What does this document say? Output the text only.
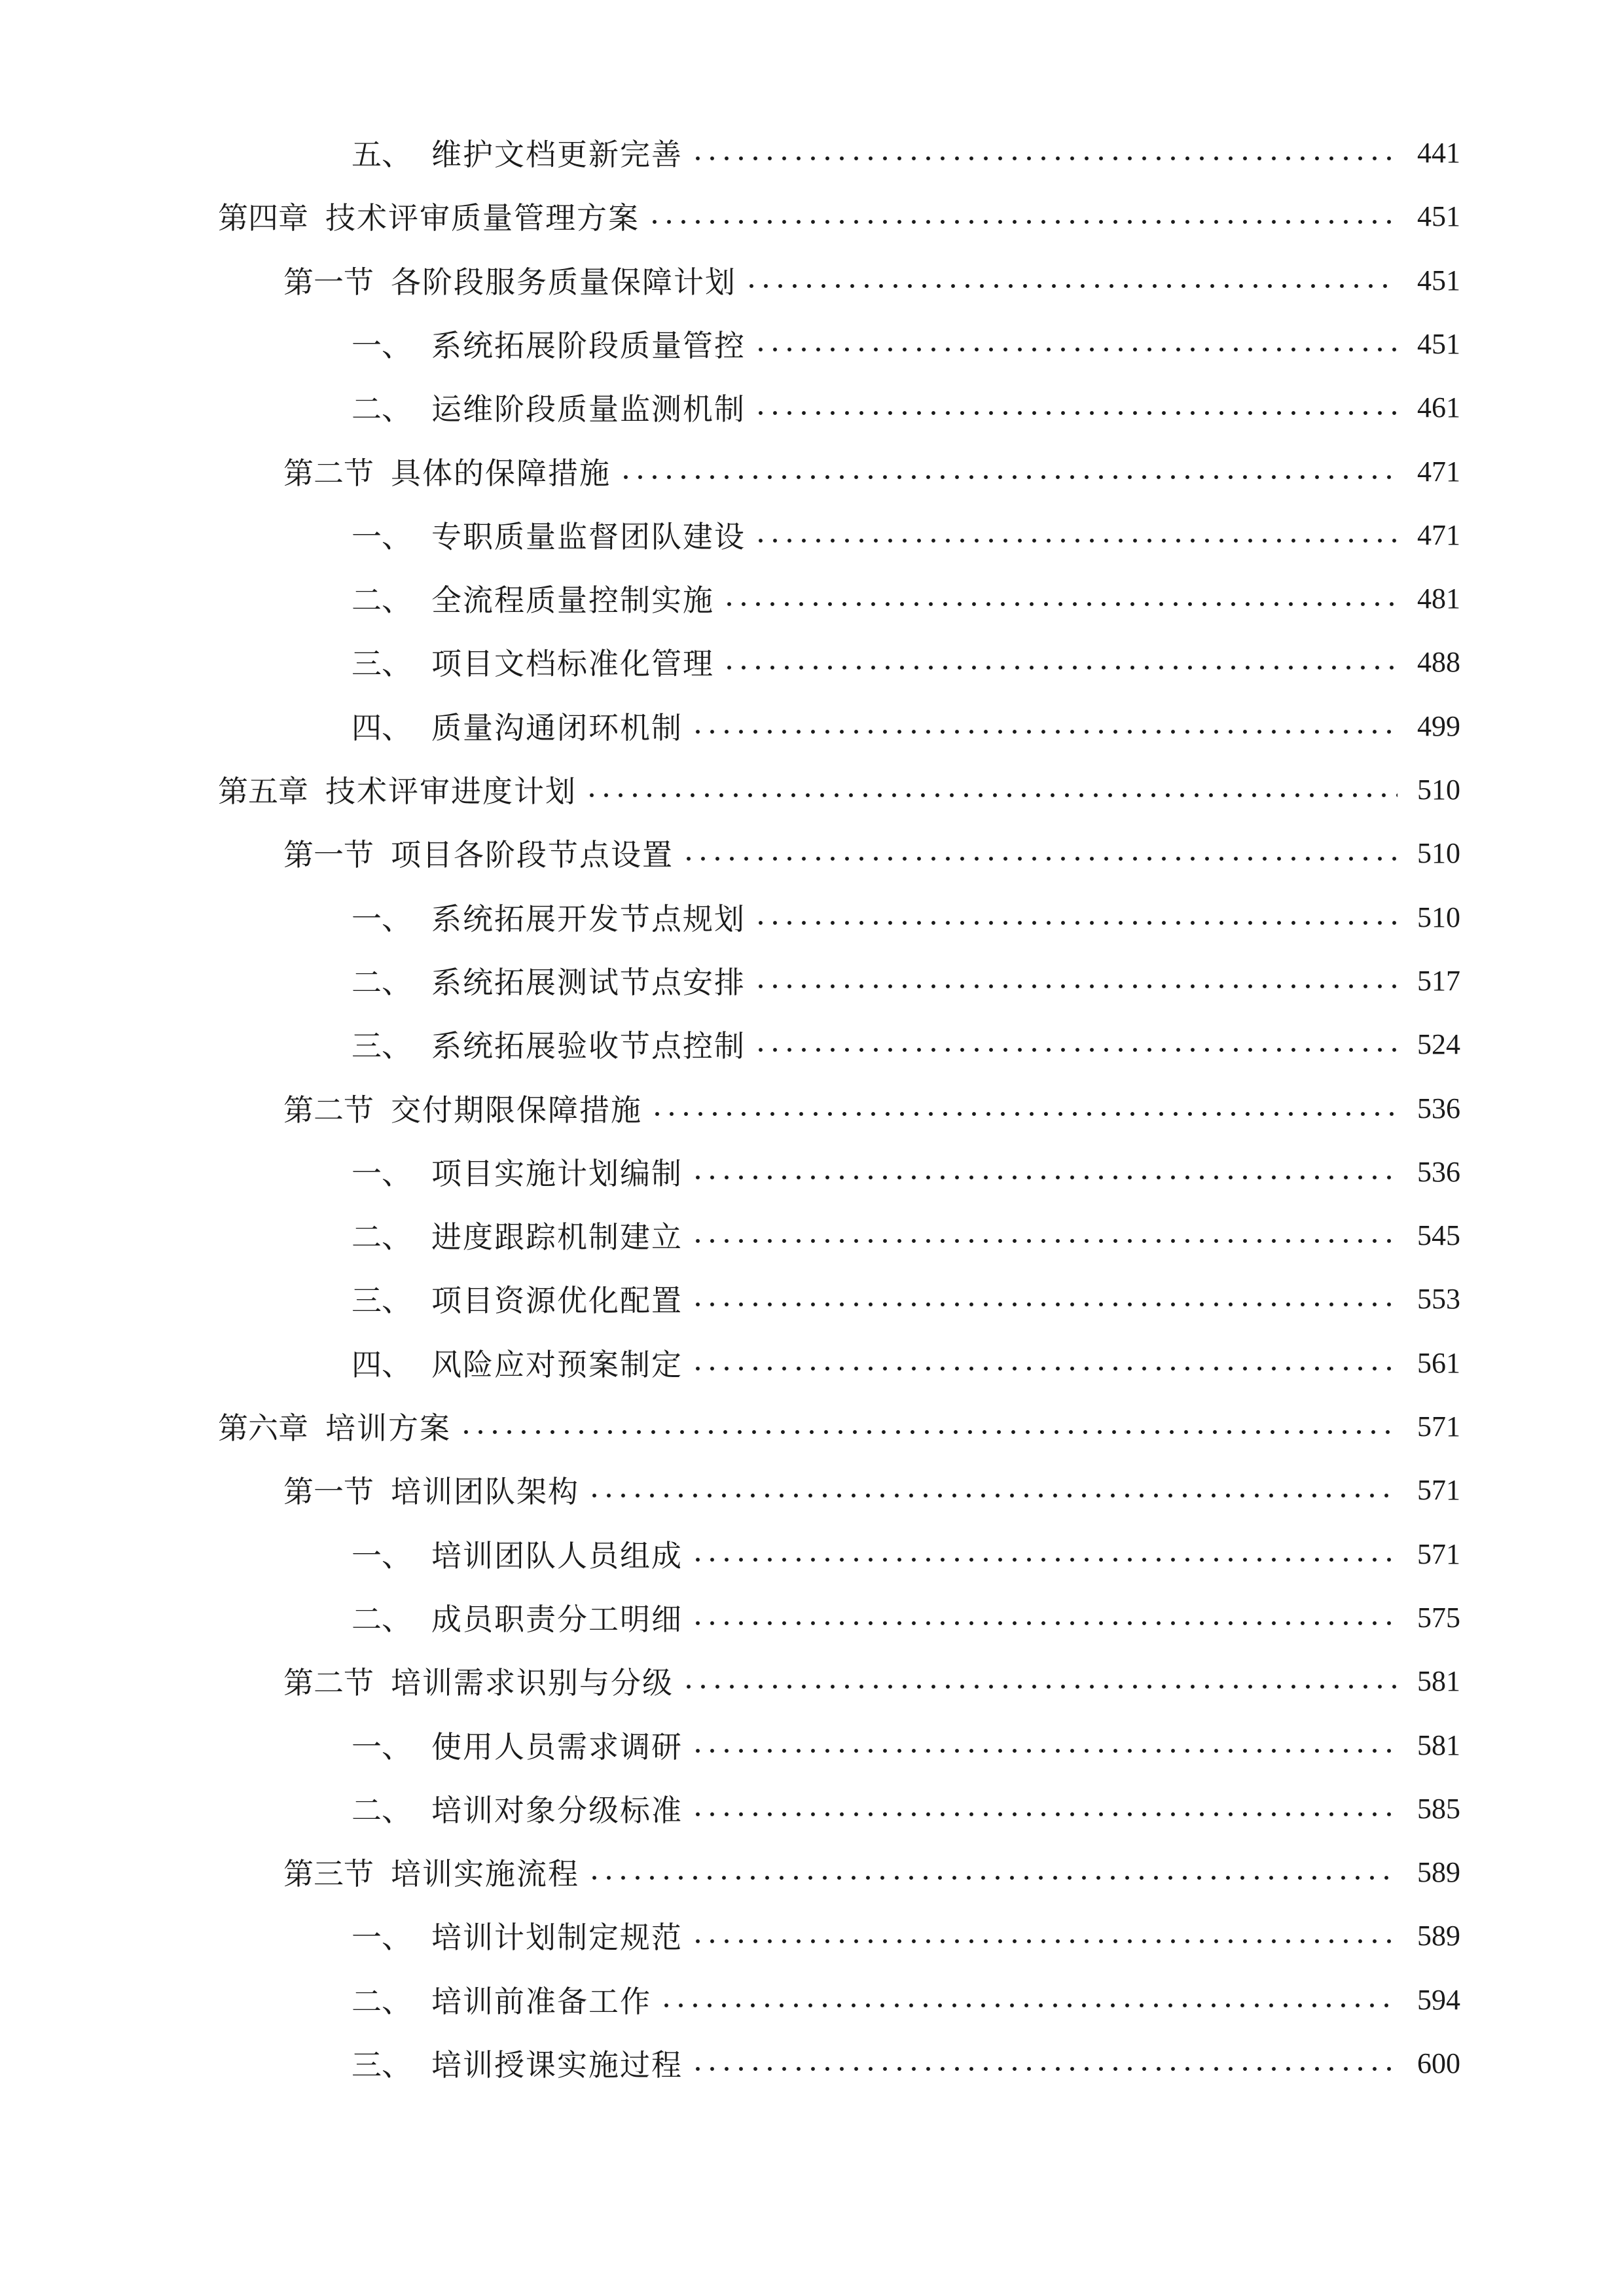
五、 维护文档更新完善	441
第四章 技术评审质量管理方案	451
第一节 各阶段服务质量保障计划	451
一、 系统拓展阶段质量管控	451
二、 运维阶段质量监测机制	461
第二节 具体的保障措施	471
一、 专职质量监督团队建设	471
二、 全流程质量控制实施	481
三、 项目文档标准化管理	488
四、 质量沟通闭环机制	499
第五章 技术评审进度计划	510
第一节 项目各阶段节点设置	510
一、 系统拓展开发节点规划	510
二、 系统拓展测试节点安排	517
三、 系统拓展验收节点控制	524
第二节 交付期限保障措施	536
一、 项目实施计划编制	536
二、 进度跟踪机制建立	545
三、 项目资源优化配置	553
四、 风险应对预案制定	561
第六章 培训方案	571
第一节 培训团队架构	571
一、 培训团队人员组成	571
二、 成员职责分工明细	575
第二节 培训需求识别与分级	581
一、 使用人员需求调研	581
二、 培训对象分级标准	585
第三节 培训实施流程	589
一、 培训计划制定规范	589
二、 培训前准备工作	594
三、 培训授课实施过程	600
